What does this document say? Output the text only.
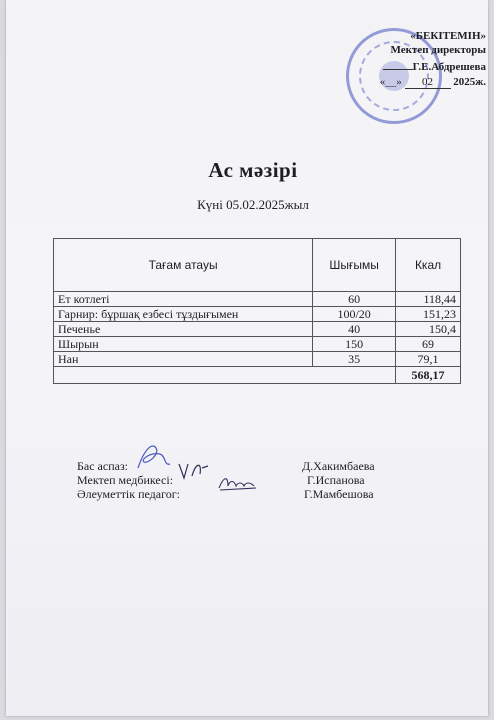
«БЕКІТЕМІН»
Мектеп директоры
Г.Е.Абдрешева
«__» 02 2025ж.
Ас мәзірі
Күні 05.02.2025жыл
Тағам атауы	Шығымы	Ккал
Ет котлеті	60	118,44
Гарнир: бұршақ езбесі тұздығымен	100/20	151,23
Печенье	40	150,4
Шырын	150	69
Нан	35	79,1
		568,17
Бас аспаз:	Д.Хакимбаева
Мектеп медбикесі:	Г.Испанова
Әлеуметтік педагог:	Г.Мамбешова
